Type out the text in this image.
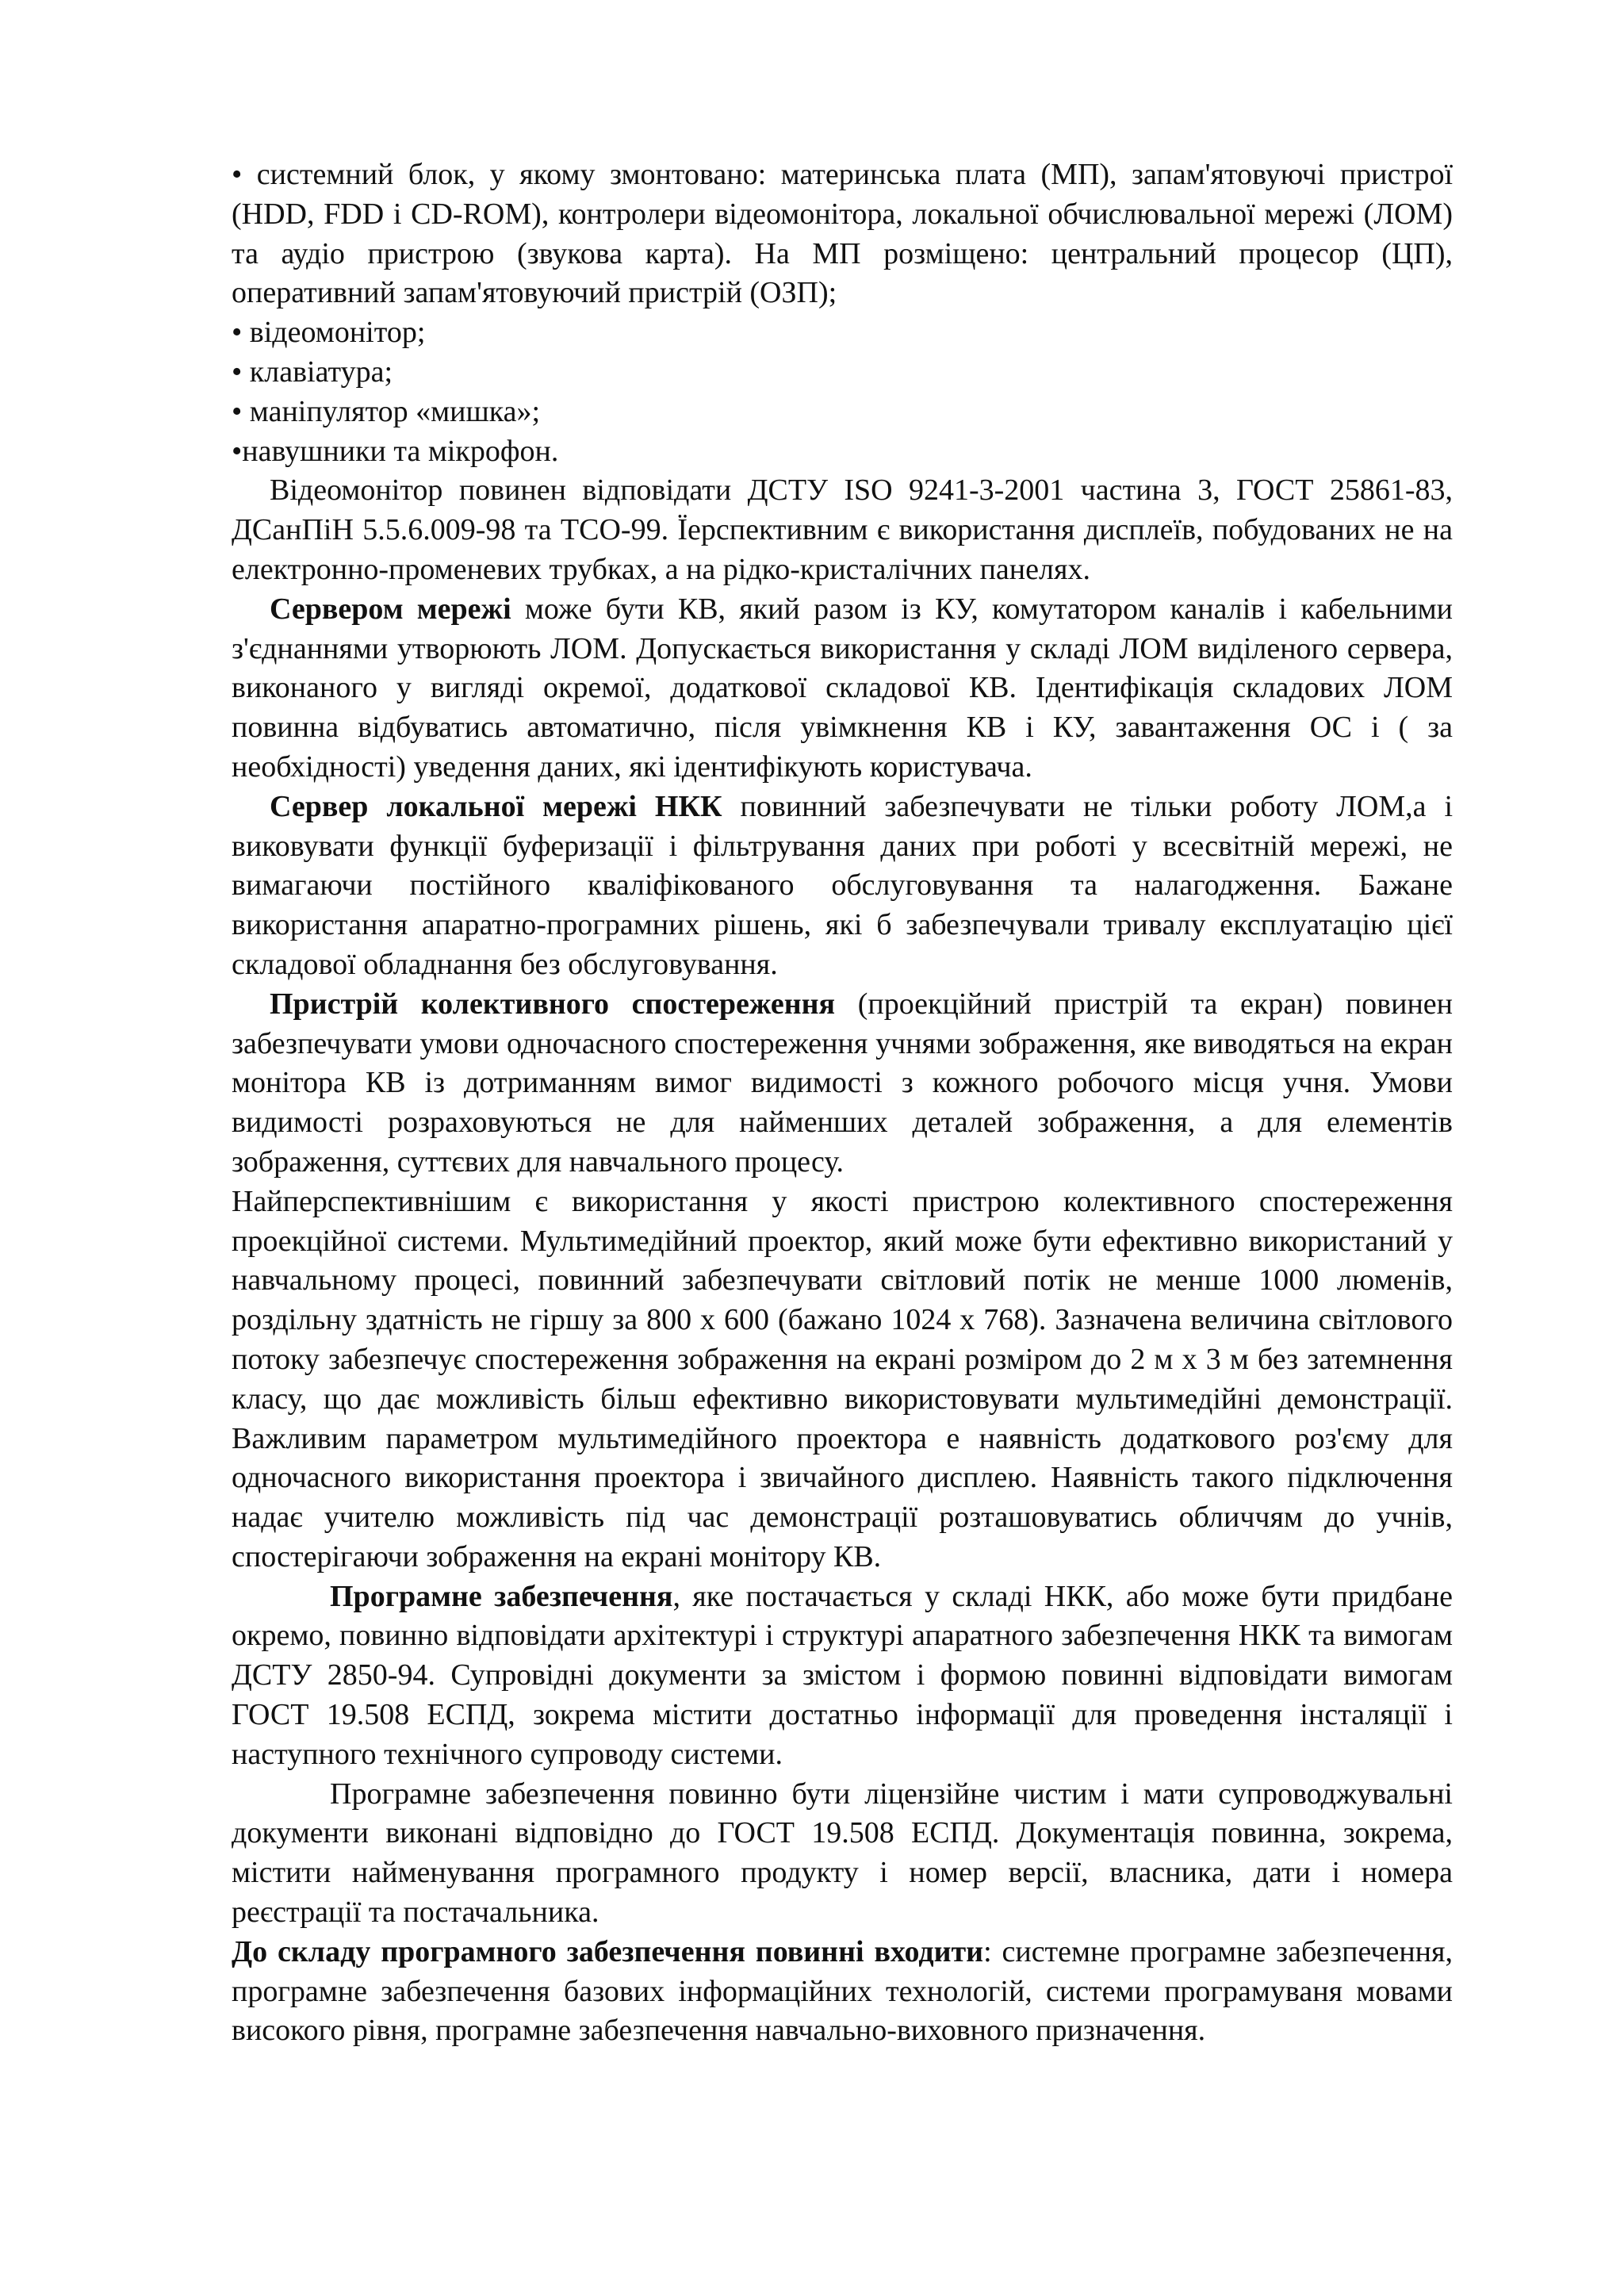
• системний блок, у якому змонтовано: материнська плата (МП), запам'ятовуючі пристрої (HDD, FDD і CD-ROM), контролери відеомонітора, локальної обчислювальної мережі (ЛОМ) та аудіо пристрою (звукова карта). На МП розміщено: центральний процесор (ЦП), оперативний запам'ятовуючий пристрій (ОЗП);

• відеомонітор;

• клавіатура;

• маніпулятор «мишка»;

•навушники та мікрофон.

Відеомонітор повинен відповідати ДСТУ ISO 9241-3-2001 частина 3, ГОСТ 25861-83, ДСанПіН 5.5.6.009-98 та ТСО-99. Їерспективним є використання дисплеїв, побудованих не на електронно-променевих трубках, а на рідко-кристалічних панелях.

Сервером мережі може бути КВ, який разом із КУ, комутатором каналів і кабельними з'єднаннями утворюють ЛОМ. Допускається використання у складі ЛОМ виділеного сервера, виконаного у вигляді окремої, додаткової складової КВ. Ідентифікація складових ЛОМ повинна відбуватись автоматично, після увімкнення КВ і КУ, завантаження ОС і ( за необхідності) уведення даних, які ідентифікують користувача.

Сервер локальної мережі НКК повинний забезпечувати не тільки роботу ЛОМ,а і виковувати функції буферизації і фільтрування даних при роботі у всесвітній мережі, не вимагаючи постійного кваліфікованого обслуговування та налагодження. Бажане використання апаратно-програмних рішень, які б забезпечували тривалу експлуатацію цієї складової обладнання без обслуговування.

Пристрій колективного спостереження (проекційний пристрій та екран) повинен забезпечувати умови одночасного спостереження учнями зображення, яке виводяться на екран монітора КВ із дотриманням вимог видимості з кожного робочого місця учня. Умови видимості розраховуються не для найменших деталей зображення, а для елементів зображення, суттєвих для навчального процесу.

Найперспективнішим є використання у якості пристрою колективного спостереження проекційної системи. Мультимедійний проектор, який може бути ефективно використаний у навчальному процесі, повинний забезпечувати світловий потік не менше 1000 люменів, роздільну здатність не гіршу за 800 х 600 (бажано 1024 х 768). Зазначена величина світлового потоку забезпечує спостереження зображення на екрані розміром до 2 м х 3 м без затемнення класу, що дає можливість більш ефективно використовувати мультимедійні демонстрації. Важливим параметром мультимедійного проектора е наявність додаткового роз'єму для одночасного використання проектора і звичайного дисплею. Наявність такого підключення надає учителю можливість під час демонстрації розташовуватись обличчям до учнів, спостерігаючи зображення на екрані монітору КВ.

Програмне забезпечення, яке постачається у складі НКК, або може бути придбане окремо, повинно відповідати архітектурі і структурі апаратного забезпечення НКК та вимогам ДСТУ 2850-94. Супровідні документи за змістом і формою повинні відповідати вимогам ГОСТ 19.508 ЕСПД, зокрема містити достатньо інформації для проведення інсталяції і наступного технічного супроводу системи.

Програмне забезпечення повинно бути ліцензійне чистим і мати супроводжувальні документи виконані відповідно до ГОСТ 19.508 ЕСПД. Документація повинна, зокрема, містити найменування програмного продукту і номер версії, власника, дати і номера реєстрації та постачальника.

До складу програмного забезпечення повинні входити: системне програмне забезпечення, програмне забезпечення базових інформаційних технологій, системи програмуваня мовами високого рівня, програмне забезпечення навчально-виховного призначення.
